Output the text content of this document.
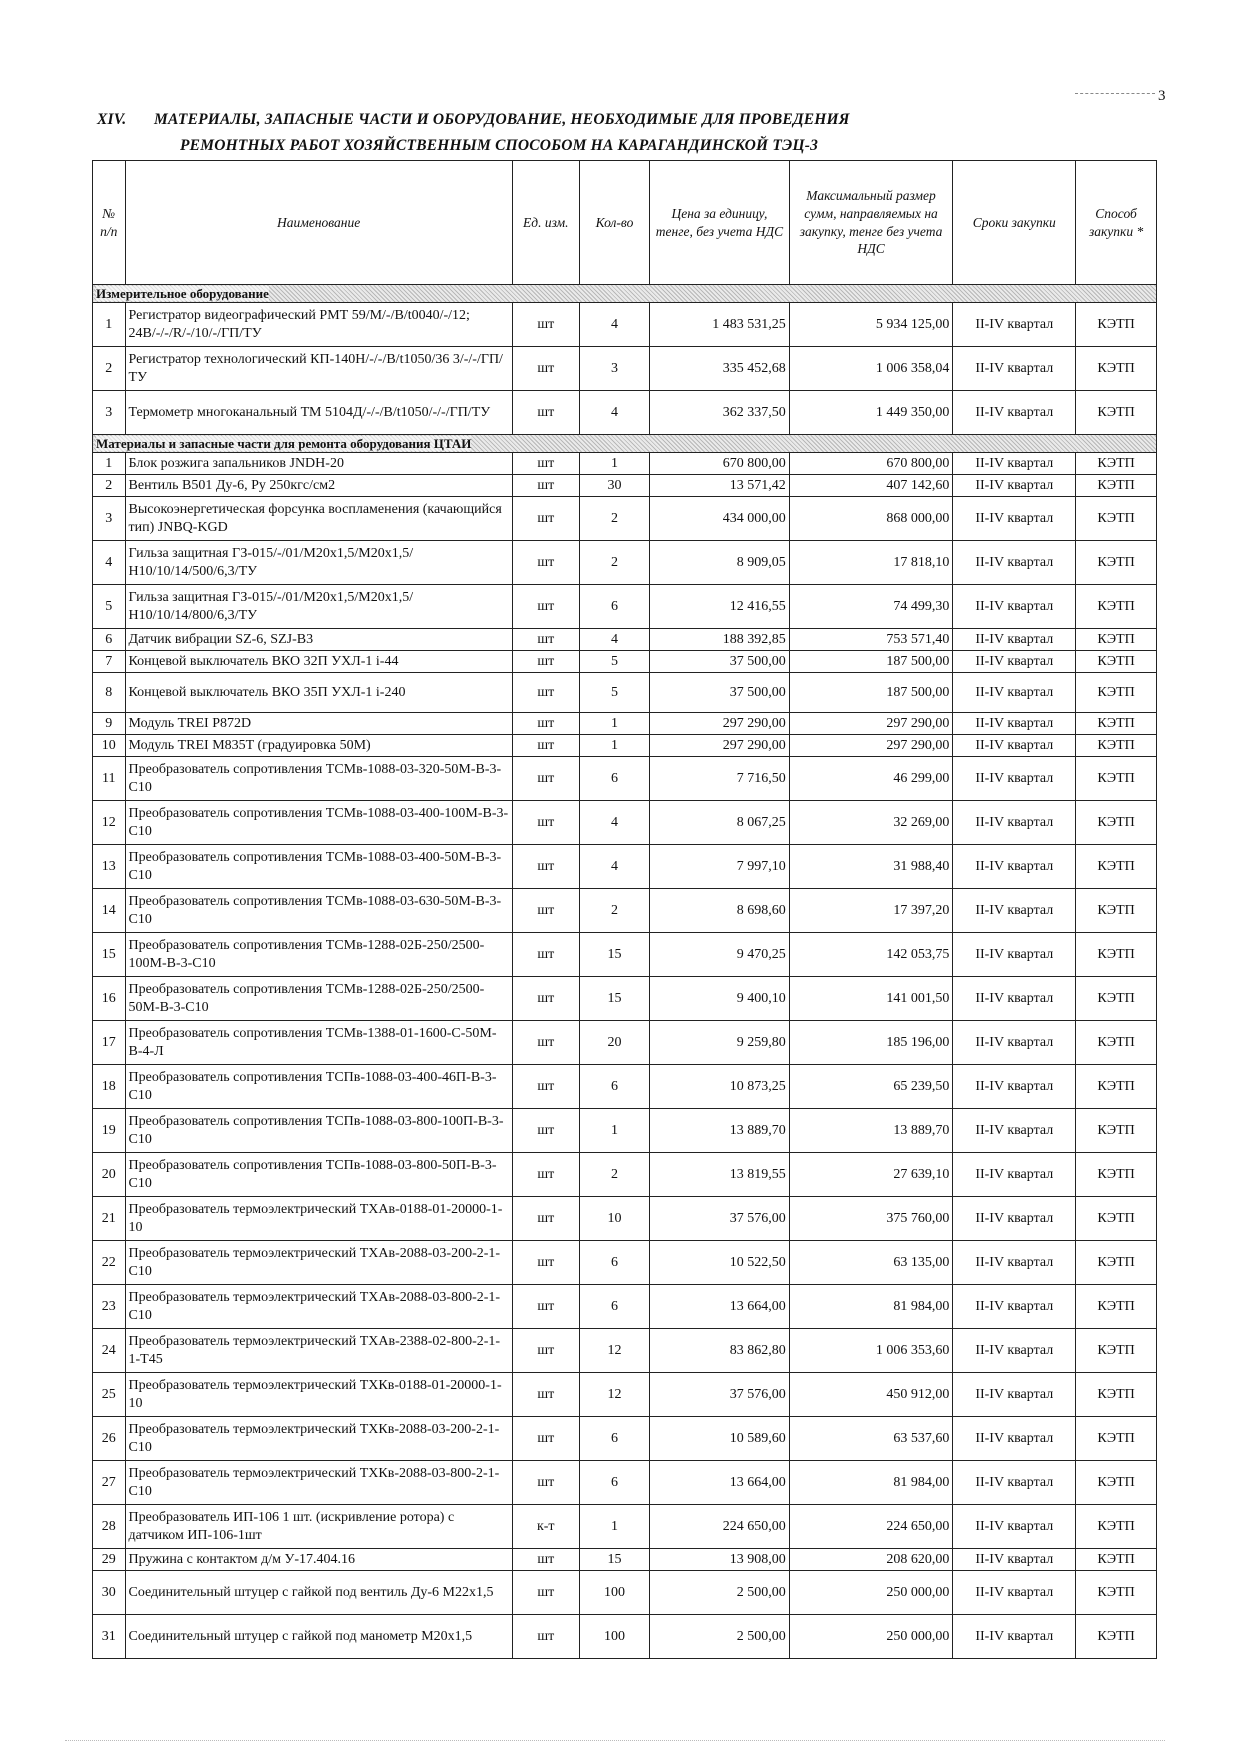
3
XIV. МАТЕРИАЛЫ, ЗАПАСНЫЕ ЧАСТИ И ОБОРУДОВАНИЕ, НЕОБХОДИМЫЕ ДЛЯ ПРОВЕДЕНИЯ
РЕМОНТНЫХ РАБОТ ХОЗЯЙСТВЕННЫМ СПОСОБОМ НА КАРАГАНДИНСКОЙ ТЭЦ-3
№ п/п	Наименование	Ед. изм.	Кол-во	Цена за единицу, тенге, без учета НДС	Максимальный размер сумм, направляемых на закупку, тенге без учета НДС	Сроки закупки	Способ закупки *
Измерительное оборудование							
1	Регистратор видеографический РМТ 59/М/-/В/t0040/-/12; 24В/-/-/R/-/10/-/ГП/ТУ	шт	4	1 483 531,25	5 934 125,00	II-IV квартал	КЭТП
2	Регистратор технологический КП-140Н/-/-/В/t1050/36 3/-/-/ГП/ТУ	шт	3	335 452,68	1 006 358,04	II-IV квартал	КЭТП
3	Термометр многоканальный ТМ 5104Д/-/-/В/t1050/-/-/ГП/ТУ	шт	4	362 337,50	1 449 350,00	II-IV квартал	КЭТП
Материалы и запасные части для ремонта оборудования ЦТАИ							
1	Блок розжига запальников JNDH-20	шт	1	670 800,00	670 800,00	II-IV квартал	КЭТП
2	Вентиль В501 Ду-6, Ру 250кгс/см2	шт	30	13 571,42	407 142,60	II-IV квартал	КЭТП
3	Высокоэнергетическая форсунка воспламенения (качающийся тип) JNBQ-KGD	шт	2	434 000,00	868 000,00	II-IV квартал	КЭТП
4	Гильза защитная ГЗ-015/-/01/М20х1,5/М20х1,5/Н10/10/14/500/6,3/ТУ	шт	2	8 909,05	17 818,10	II-IV квартал	КЭТП
5	Гильза защитная ГЗ-015/-/01/М20х1,5/М20х1,5/Н10/10/14/800/6,3/ТУ	шт	6	12 416,55	74 499,30	II-IV квартал	КЭТП
6	Датчик вибрации SZ-6, SZJ-B3	шт	4	188 392,85	753 571,40	II-IV квартал	КЭТП
7	Концевой выключатель ВКО 32П УХЛ-1 i-44	шт	5	37 500,00	187 500,00	II-IV квартал	КЭТП
8	Концевой выключатель ВКО 35П УХЛ-1 i-240	шт	5	37 500,00	187 500,00	II-IV квартал	КЭТП
9	Модуль TREI P872D	шт	1	297 290,00	297 290,00	II-IV квартал	КЭТП
10	Модуль TREI M835T (градуировка 50М)	шт	1	297 290,00	297 290,00	II-IV квартал	КЭТП
11	Преобразователь сопротивления ТСМв-1088-03-320-50М-В-3-С10	шт	6	7 716,50	46 299,00	II-IV квартал	КЭТП
12	Преобразователь сопротивления ТСМв-1088-03-400-100М-В-3-С10	шт	4	8 067,25	32 269,00	II-IV квартал	КЭТП
13	Преобразователь сопротивления ТСМв-1088-03-400-50М-В-3-С10	шт	4	7 997,10	31 988,40	II-IV квартал	КЭТП
14	Преобразователь сопротивления ТСМв-1088-03-630-50М-В-3-С10	шт	2	8 698,60	17 397,20	II-IV квартал	КЭТП
15	Преобразователь сопротивления ТСМв-1288-02Б-250/2500-100М-В-3-С10	шт	15	9 470,25	142 053,75	II-IV квартал	КЭТП
16	Преобразователь сопротивления ТСМв-1288-02Б-250/2500-50М-В-3-С10	шт	15	9 400,10	141 001,50	II-IV квартал	КЭТП
17	Преобразователь сопротивления ТСМв-1388-01-1600-С-50М-В-4-Л	шт	20	9 259,80	185 196,00	II-IV квартал	КЭТП
18	Преобразователь сопротивления ТСПв-1088-03-400-46П-В-3-С10	шт	6	10 873,25	65 239,50	II-IV квартал	КЭТП
19	Преобразователь сопротивления ТСПв-1088-03-800-100П-В-3-С10	шт	1	13 889,70	13 889,70	II-IV квартал	КЭТП
20	Преобразователь сопротивления ТСПв-1088-03-800-50П-В-3-С10	шт	2	13 819,55	27 639,10	II-IV квартал	КЭТП
21	Преобразователь термоэлектрический ТХАв-0188-01-20000-1-10	шт	10	37 576,00	375 760,00	II-IV квартал	КЭТП
22	Преобразователь термоэлектрический ТХАв-2088-03-200-2-1-С10	шт	6	10 522,50	63 135,00	II-IV квартал	КЭТП
23	Преобразователь термоэлектрический ТХАв-2088-03-800-2-1-С10	шт	6	13 664,00	81 984,00	II-IV квартал	КЭТП
24	Преобразователь термоэлектрический ТХАв-2388-02-800-2-1-1-Т45	шт	12	83 862,80	1 006 353,60	II-IV квартал	КЭТП
25	Преобразователь термоэлектрический ТХКв-0188-01-20000-1-10	шт	12	37 576,00	450 912,00	II-IV квартал	КЭТП
26	Преобразователь термоэлектрический ТХКв-2088-03-200-2-1-С10	шт	6	10 589,60	63 537,60	II-IV квартал	КЭТП
27	Преобразователь термоэлектрический ТХКв-2088-03-800-2-1-С10	шт	6	13 664,00	81 984,00	II-IV квартал	КЭТП
28	Преобразователь ИП-106 1 шт. (искривление ротора) с датчиком ИП-106-1шт	к-т	1	224 650,00	224 650,00	II-IV квартал	КЭТП
29	Пружина с контактом д/м У-17.404.16	шт	15	13 908,00	208 620,00	II-IV квартал	КЭТП
30	Соединительный штуцер с гайкой под вентиль Ду-6 М22х1,5	шт	100	2 500,00	250 000,00	II-IV квартал	КЭТП
31	Соединительный штуцер с гайкой под манометр М20х1,5	шт	100	2 500,00	250 000,00	II-IV квартал	КЭТП
